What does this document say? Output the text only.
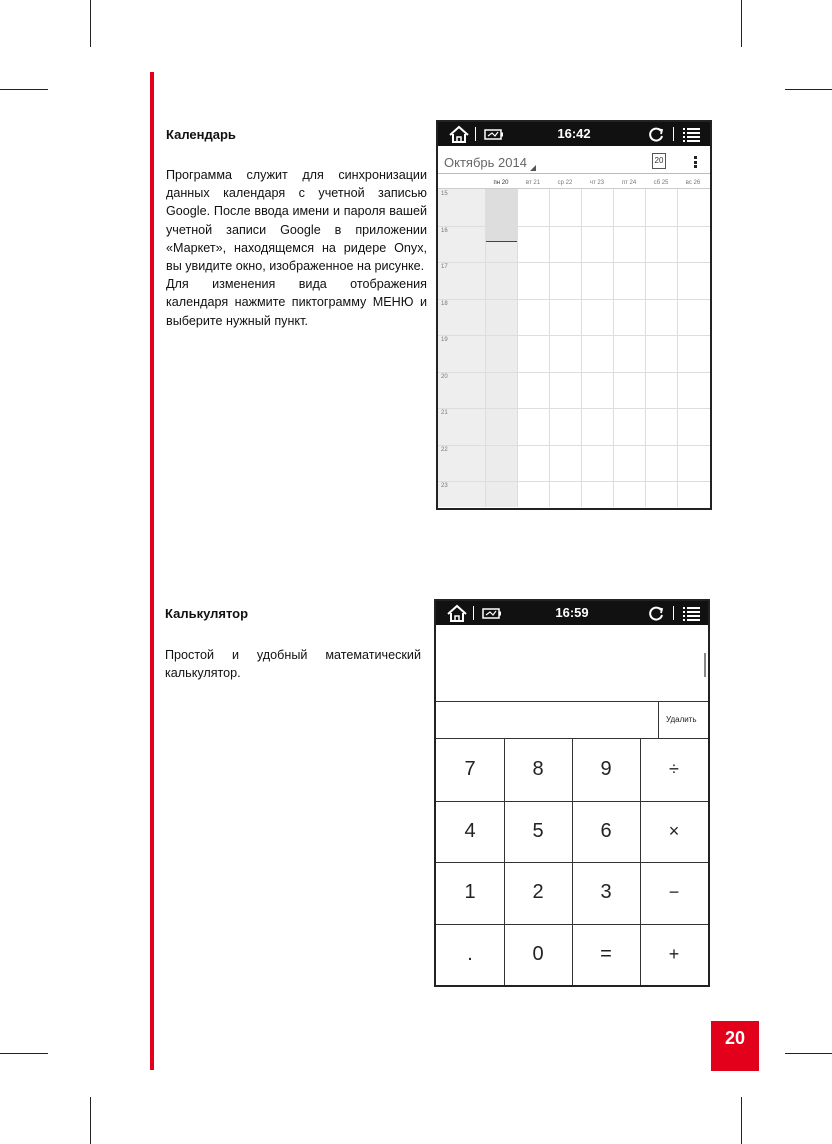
Календарь

Программа служит для синхронизации данных календаря с учетной записью Google. После ввода имени и пароля вашей учетной записи Google в приложении «Маркет», находящемся на ридере Onyx, вы увидите окно, изображенное на рисунке.

Для изменения вида отображения календаря нажмите пиктограмму МЕНЮ и выберите нужный пункт.

16:42
Октябрь 2014	20
пн 20	вт 21	ср 22	чт 23	пт 24	сб 25	вс 26
15
16
17
18
19
20
21
22
23
Калькулятор

Простой и удобный математический калькулятор.

16:59
Удалить
7	8	9	÷
4	5	6	×
1	2	3	−
.	0	=	+
20
